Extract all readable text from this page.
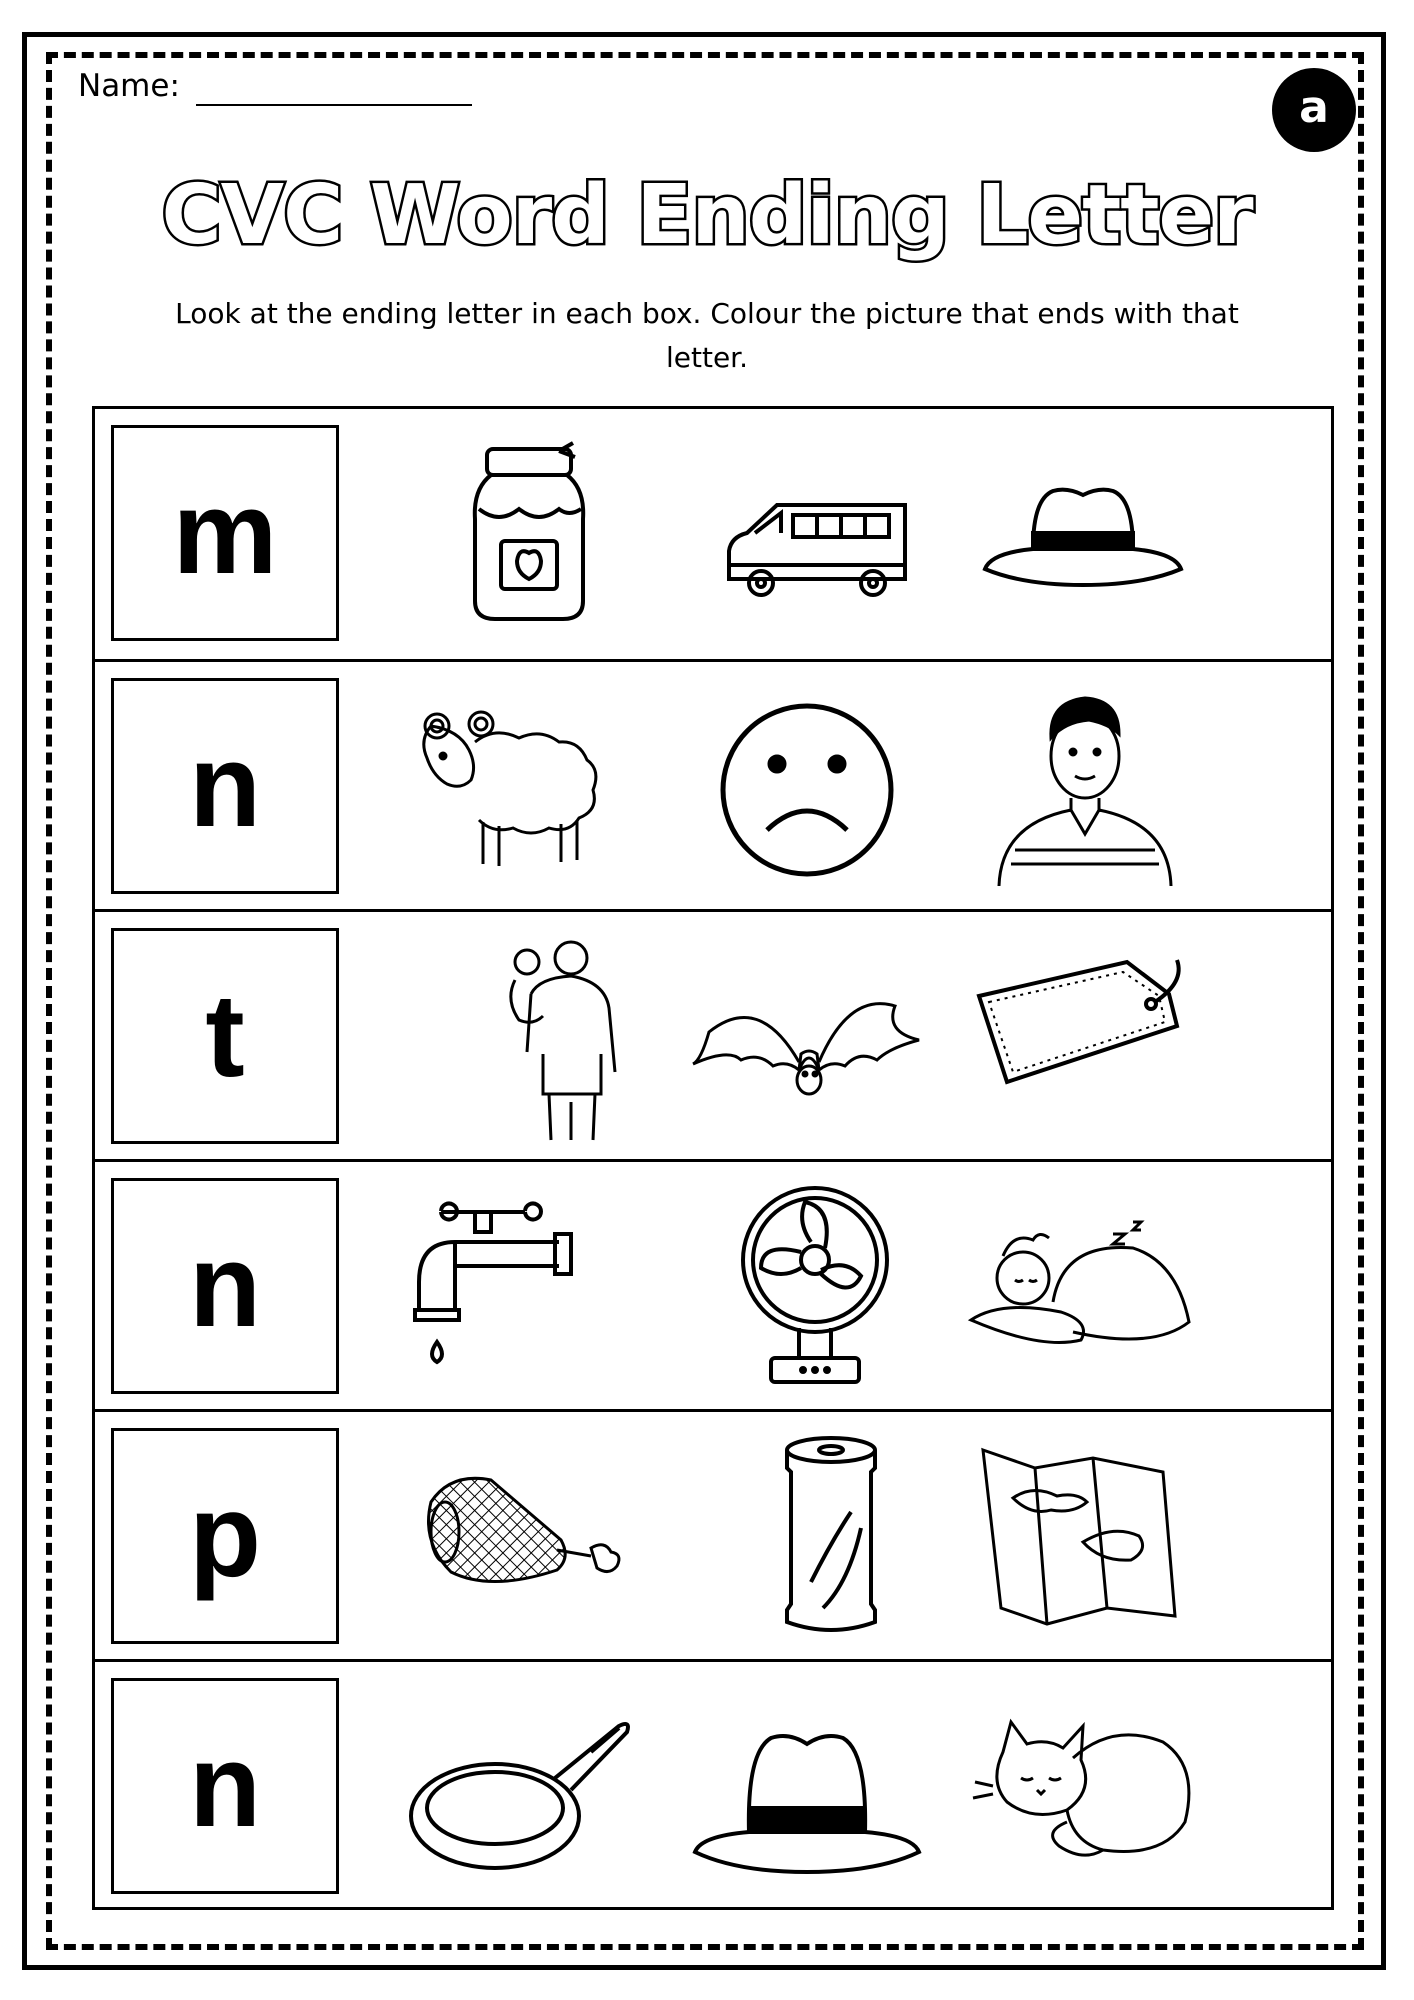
Name:	a
CVC Word Ending Letter
Look at the ending letter in each box. Colour the picture that ends with that letter.
m
n
t
n
p
n
